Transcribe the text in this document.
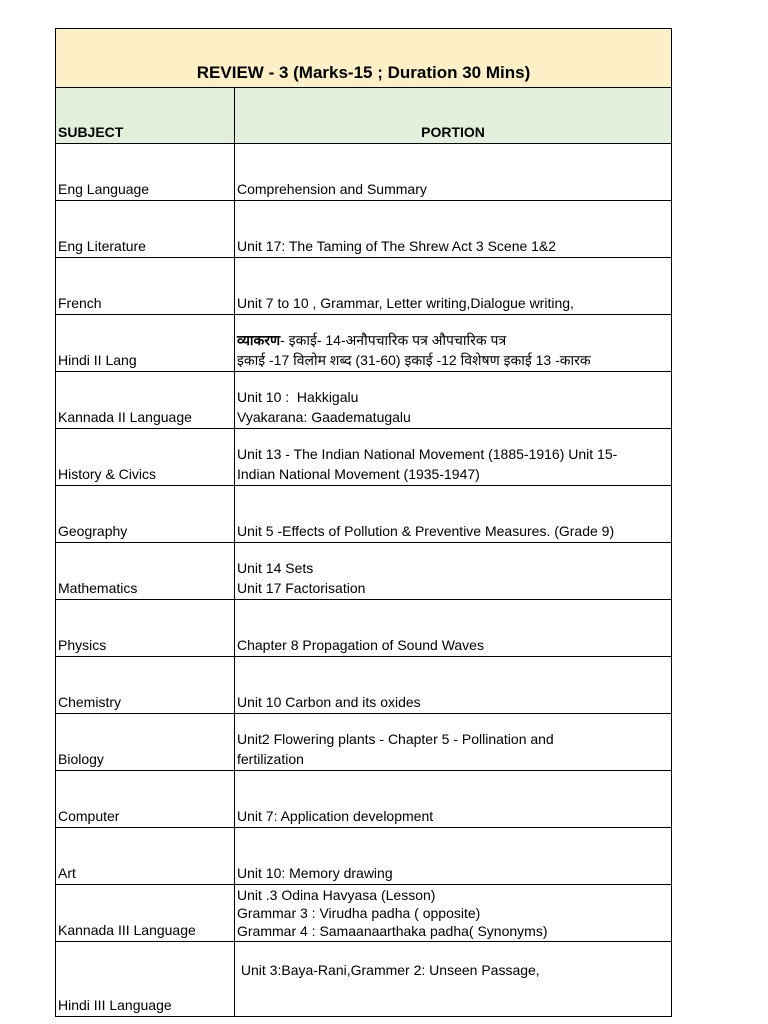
REVIEW - 3 (Marks-15 ; Duration 30 Mins)	
SUBJECT	PORTION
Eng Language	Comprehension and Summary
Eng Literature	Unit 17: The Taming of The Shrew Act 3 Scene 1&2
French	Unit 7 to 10 , Grammar, Letter writing,Dialogue writing,
Hindi II Lang	व्याकरण- इकाई- 14-अनौपचारिक पत्र औपचारिक पत्र
इकाई -17 विलोम शब्द (31-60) इकाई -12 विशेषण इकाई 13 -कारक

Kannada II Language	Unit 10 :  Hakkigalu
Vyakarana: Gaadematugalu

History & Civics	Unit 13 - The Indian National Movement (1885-1916) Unit 15-
Indian National Movement (1935-1947)

Geography	Unit 5 -Effects of Pollution & Preventive Measures. (Grade 9)
Mathematics	Unit 14 Sets
Unit 17 Factorisation

Physics	Chapter 8 Propagation of Sound Waves
Chemistry	Unit 10 Carbon and its oxides
Biology	Unit2 Flowering plants - Chapter 5 - Pollination and
fertilization

Computer	Unit 7: Application development
Art	Unit 10: Memory drawing
Kannada III Language	Unit .3 Odina Havyasa (Lesson)
Grammar 3 : Virudha padha ( opposite)
Grammar 4 : Samaanaarthaka padha( Synonyms)

Hindi III Language	Unit 3:Baya-Rani,Grammer 2: Unseen Passage,
